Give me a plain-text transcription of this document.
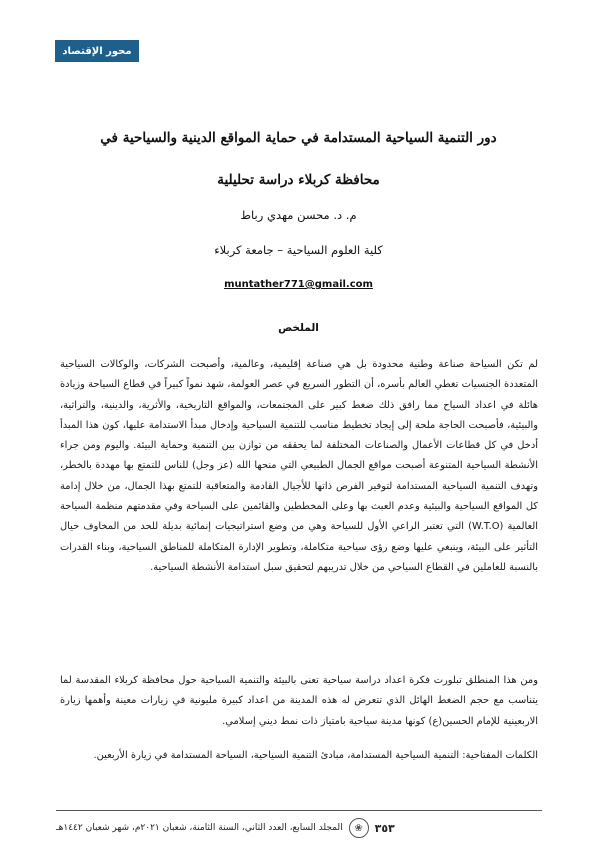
محور الإقتصاد
دور التنمية السياحية المستدامة في حماية المواقع الدينية والسياحية في
محافظة كربلاء دراسة تحليلية
م. د. محسن مهدي رباط
كلية العلوم السياحية – جامعة كربلاء
muntather771@gmail.com
الملخص
لم تكن السياحة صناعة وطنية محدودة بل هي صناعة إقليمية، وعالمية، وأصبحت الشركات، والوكالات السياحية المتعددة الجنسيات تغطي العالم بأسره، أن التطور السريع في عصر العولمة، شهد نمواً كبيراً في قطاع السياحة وزيادة هائلة في اعداد السياح مما رافق ذلك ضغط كبير على المجتمعات، والمواقع التاريخية، والأثرية، والدينية، والتراثية، والبيئية، فأصبحت الحاجة ملحة إلى إيجاد تخطيط مناسب للتنمية السياحية وإدخال مبدأ الاستدامة عليها، كون هذا المبدأ أدخل في كل قطاعات الأعمال والصناعات المختلفة لما يحققه من توازن بين التنمية وحماية البيئة. واليوم ومن جراء الأنشطة السياحية المتنوعة أصبحت مواقع الجمال الطبيعي التي منحها الله (عز وجل) للناس للتمتع بها مهددة بالخطر، وتهدف التنمية السياحية المستدامة لتوفير الفرص ذاتها للأجيال القادمة والمتعاقبة للتمتع بهذا الجمال، من خلال إدامة كل المواقع السياحية والبيئية وعدم العبث بها وعلى المخططين والقائمين على السياحة وفي مقدمتهم منظمة السياحة العالمية (W.T.O) التي تعتبر الراعي الأول للسياحة وهي من وضع استراتيجيات إنمائية بديلة للحد من المخاوف حيال التأثير على البيئة، وينبغي عليها وضع رؤى سياحية متكاملة، وتطوير الإدارة المتكاملة للمناطق السياحية، وبناء القدرات بالنسبة للعاملين في القطاع السياحي من خلال تدريبهم لتحقيق سبل استدامة الأنشطة السياحية.
ومن هذا المنطلق تبلورت فكرة اعداد دراسة سياحية تعنى بالبيئة والتنمية السياحية حول محافظة كربلاء المقدسة لما يتناسب مع حجم الضغط الهائل الذي تتعرض له هذه المدينة من اعداد كبيرة مليونية في زيارات معينة وأهمها زيارة الاربعينية للإمام الحسين(ع) كونها مدينة سياحية بامتياز ذات نمط ديني إسلامي.
الكلمات المفتاحية: التنمية السياحية المستدامة، مبادئ التنمية السياحية، السياحة المستدامة في زيارة الأربعين.
المجلد السابع، العدد الثاني، السنة الثامنة، شعبان ٢٠٢١م، شهر شعبان ١٤٤٢هـ	❀	٣٥٣
